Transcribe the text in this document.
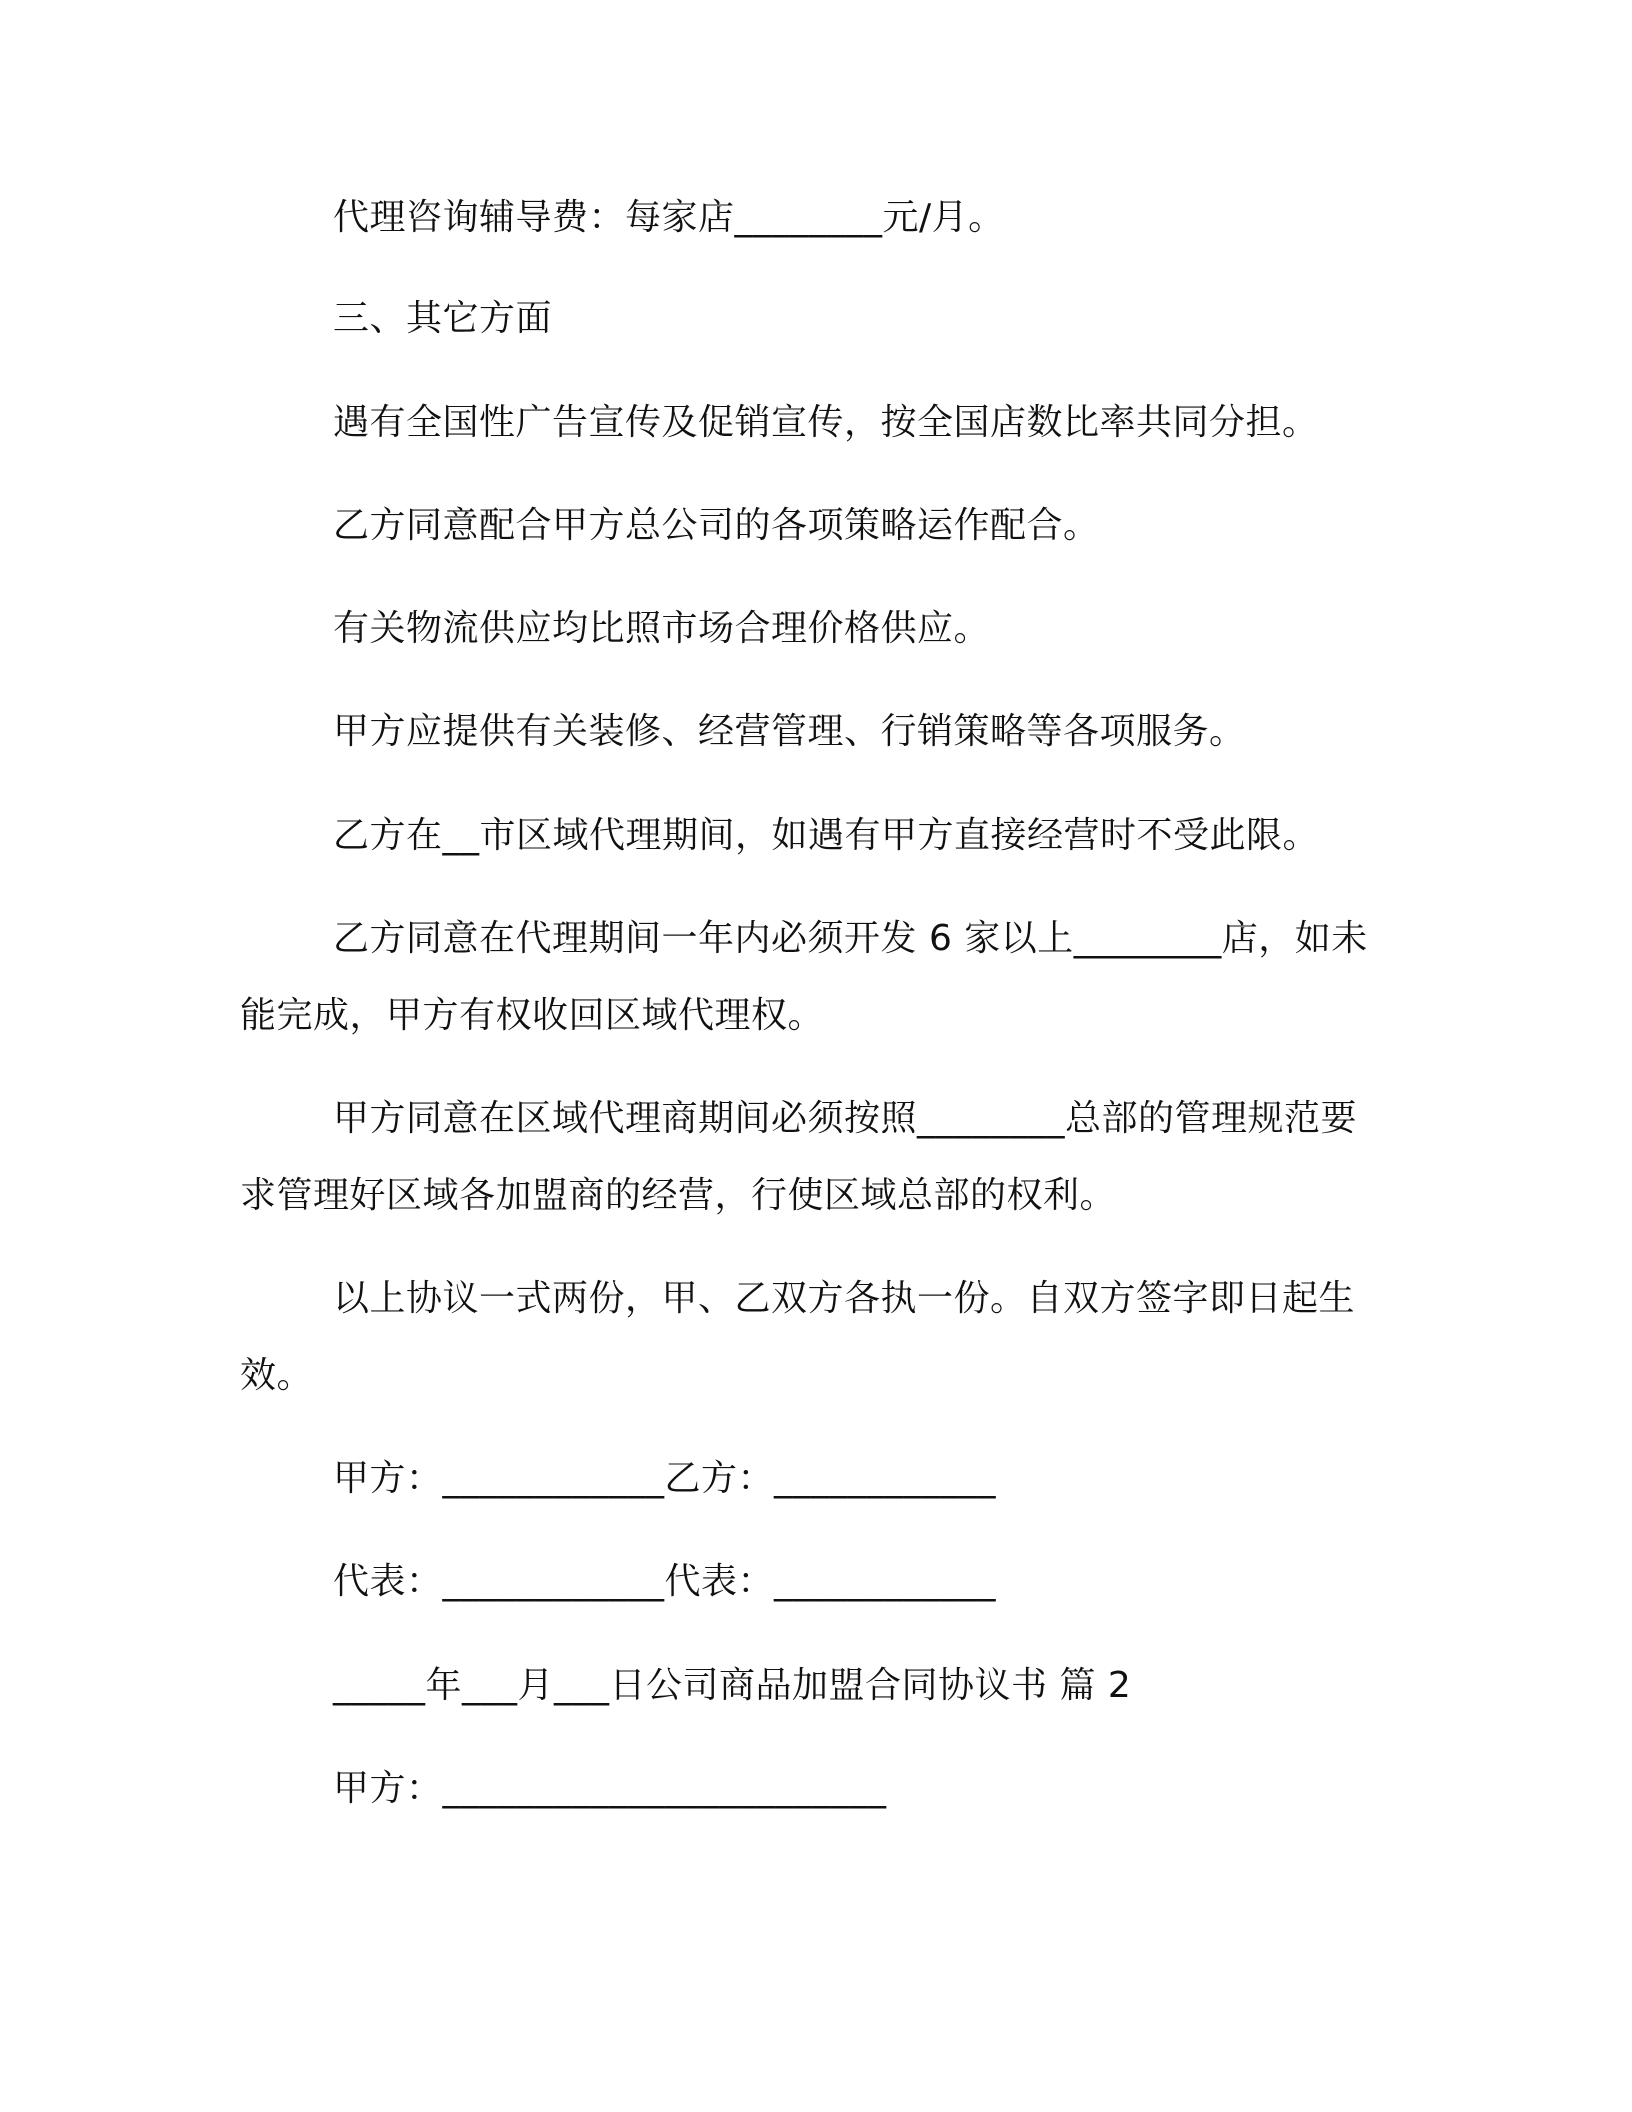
代理咨询辅导费：每家店________元/月。
三、其它方面
遇有全国性广告宣传及促销宣传，按全国店数比率共同分担。
乙方同意配合甲方总公司的各项策略运作配合。
有关物流供应均比照市场合理价格供应。
甲方应提供有关装修、经营管理、行销策略等各项服务。
乙方在__市区域代理期间，如遇有甲方直接经营时不受此限。
乙方同意在代理期间一年内必须开发 6 家以上________店，如未
能完成，甲方有权收回区域代理权。
甲方同意在区域代理商期间必须按照________总部的管理规范要
求管理好区域各加盟商的经营，行使区域总部的权利。
以上协议一式两份，甲、乙双方各执一份。自双方签字即日起生
效。
甲方：____________乙方：____________
代表：____________代表：____________
_____年___月___日公司商品加盟合同协议书 篇 2
甲方：________________________
